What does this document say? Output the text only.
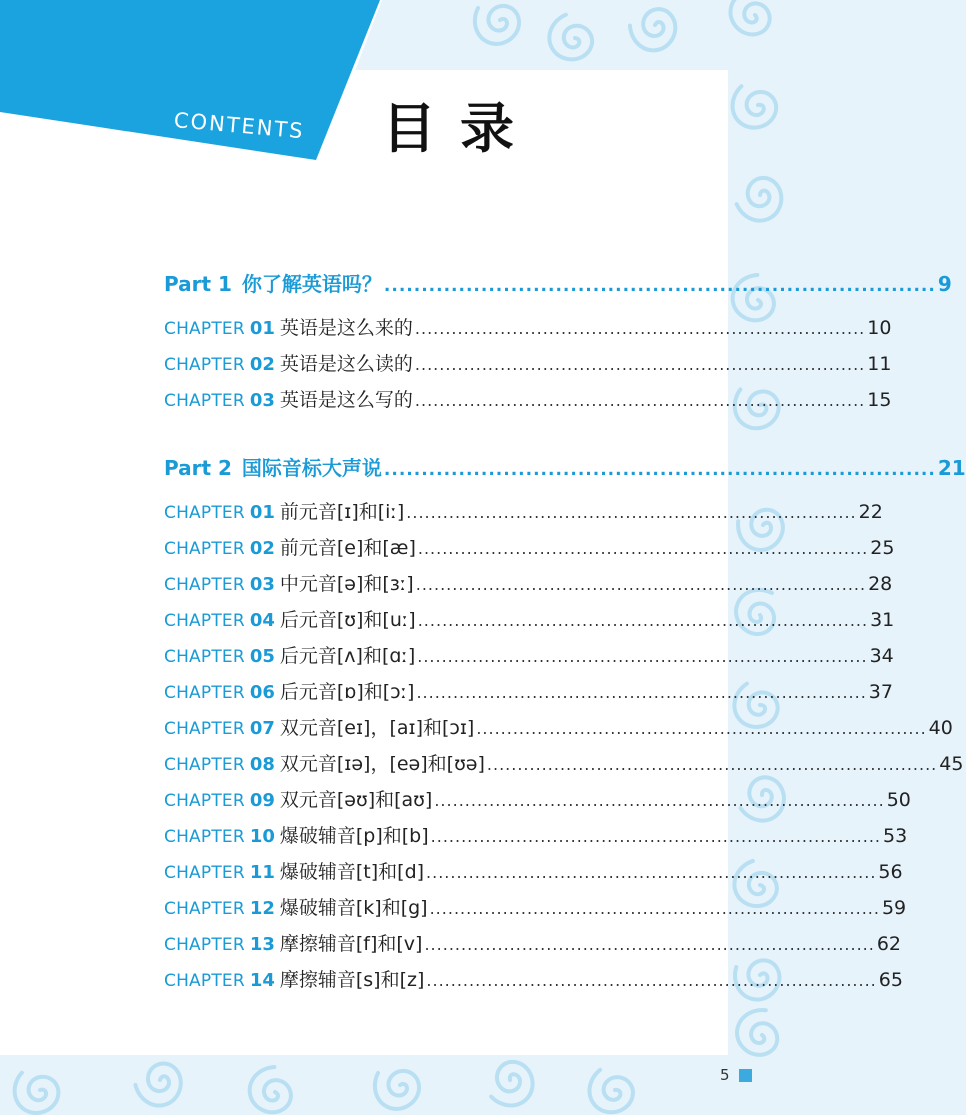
CONTENTS 目录
Part 1 你了解英语吗？ .......................................................................... 9
CHAPTER 01 英语是这么来的 .......................................................................... 10
CHAPTER 02 英语是这么读的 .......................................................................... 11
CHAPTER 03 英语是这么写的 .......................................................................... 15
Part 2 国际音标大声说 .......................................................................... 21
CHAPTER 01 前元音[ɪ]和[iː] .......................................................................... 22
CHAPTER 02 前元音[e]和[æ] .......................................................................... 25
CHAPTER 03 中元音[ə]和[ɜː] .......................................................................... 28
CHAPTER 04 后元音[ʊ]和[uː] .......................................................................... 31
CHAPTER 05 后元音[ʌ]和[ɑː] .......................................................................... 34
CHAPTER 06 后元音[ɒ]和[ɔː] .......................................................................... 37
CHAPTER 07 双元音[eɪ]，[aɪ]和[ɔɪ] .......................................................................... 40
CHAPTER 08 双元音[ɪə]，[eə]和[ʊə] .......................................................................... 45
CHAPTER 09 双元音[əʊ]和[aʊ] .......................................................................... 50
CHAPTER 10 爆破辅音[p]和[b] .......................................................................... 53
CHAPTER 11 爆破辅音[t]和[d] .......................................................................... 56
CHAPTER 12 爆破辅音[k]和[g] .......................................................................... 59
CHAPTER 13 摩擦辅音[f]和[v] .......................................................................... 62
CHAPTER 14 摩擦辅音[s]和[z] .......................................................................... 65
5
